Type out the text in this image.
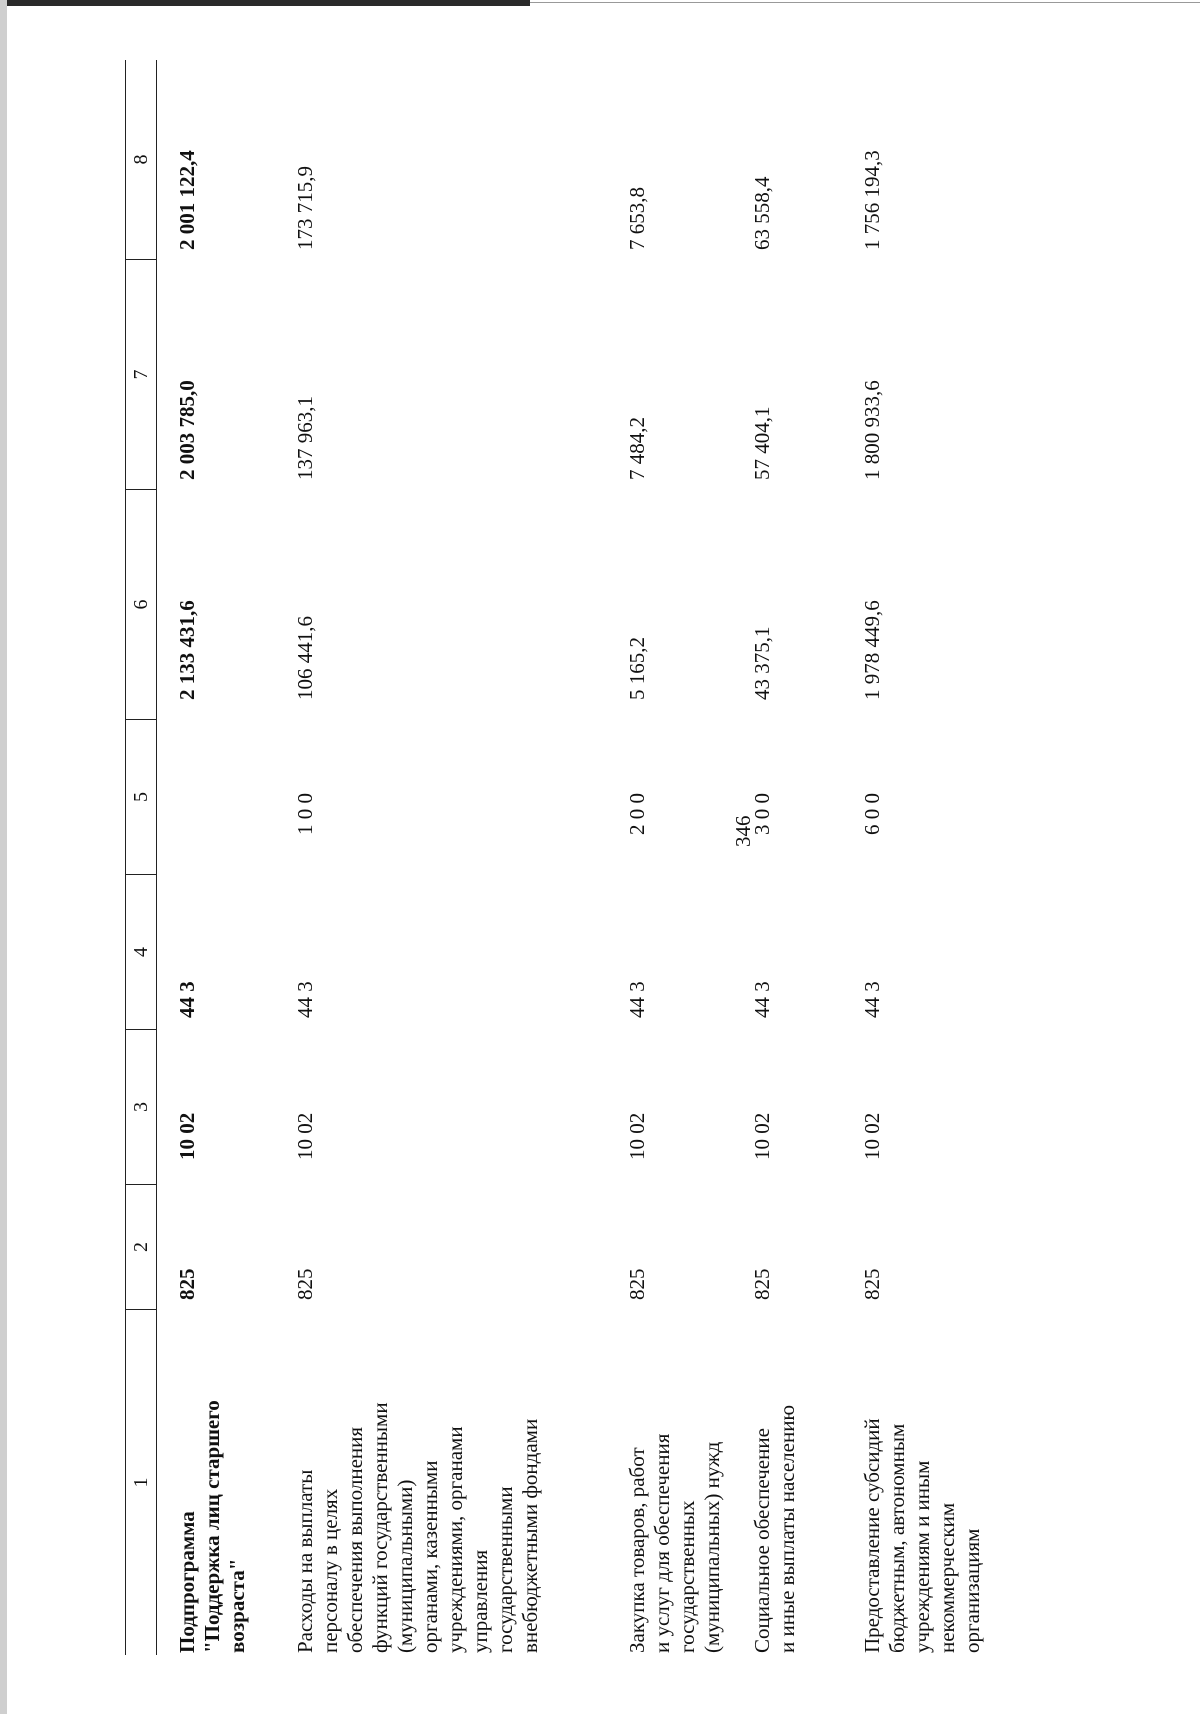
346
1
2
3
4
5
6
7
8
Подпрограмма "Поддержка лиц старшего возраста"
825
10 02
44 3
2 133 431,6
2 003 785,0
2 001 122,4
Расходы на выплаты персоналу в целях обеспечения выполнения функций государственными (муниципальными) органами, казенными учреждениями, органами управления государственными внебюджетными фондами
825
10 02
44 3
1 0 0
106 441,6
137 963,1
173 715,9
Закупка товаров, работ и услуг для обеспечения государственных (муниципальных) нужд
825
10 02
44 3
2 0 0
5 165,2
7 484,2
7 653,8
Социальное обеспечение и иные выплаты населению
825
10 02
44 3
3 0 0
43 375,1
57 404,1
63 558,4
Предоставление субсидий бюджетным, автономным учреждениям и иным некоммерческим организациям
825
10 02
44 3
6 0 0
1 978 449,6
1 800 933,6
1 756 194,3
